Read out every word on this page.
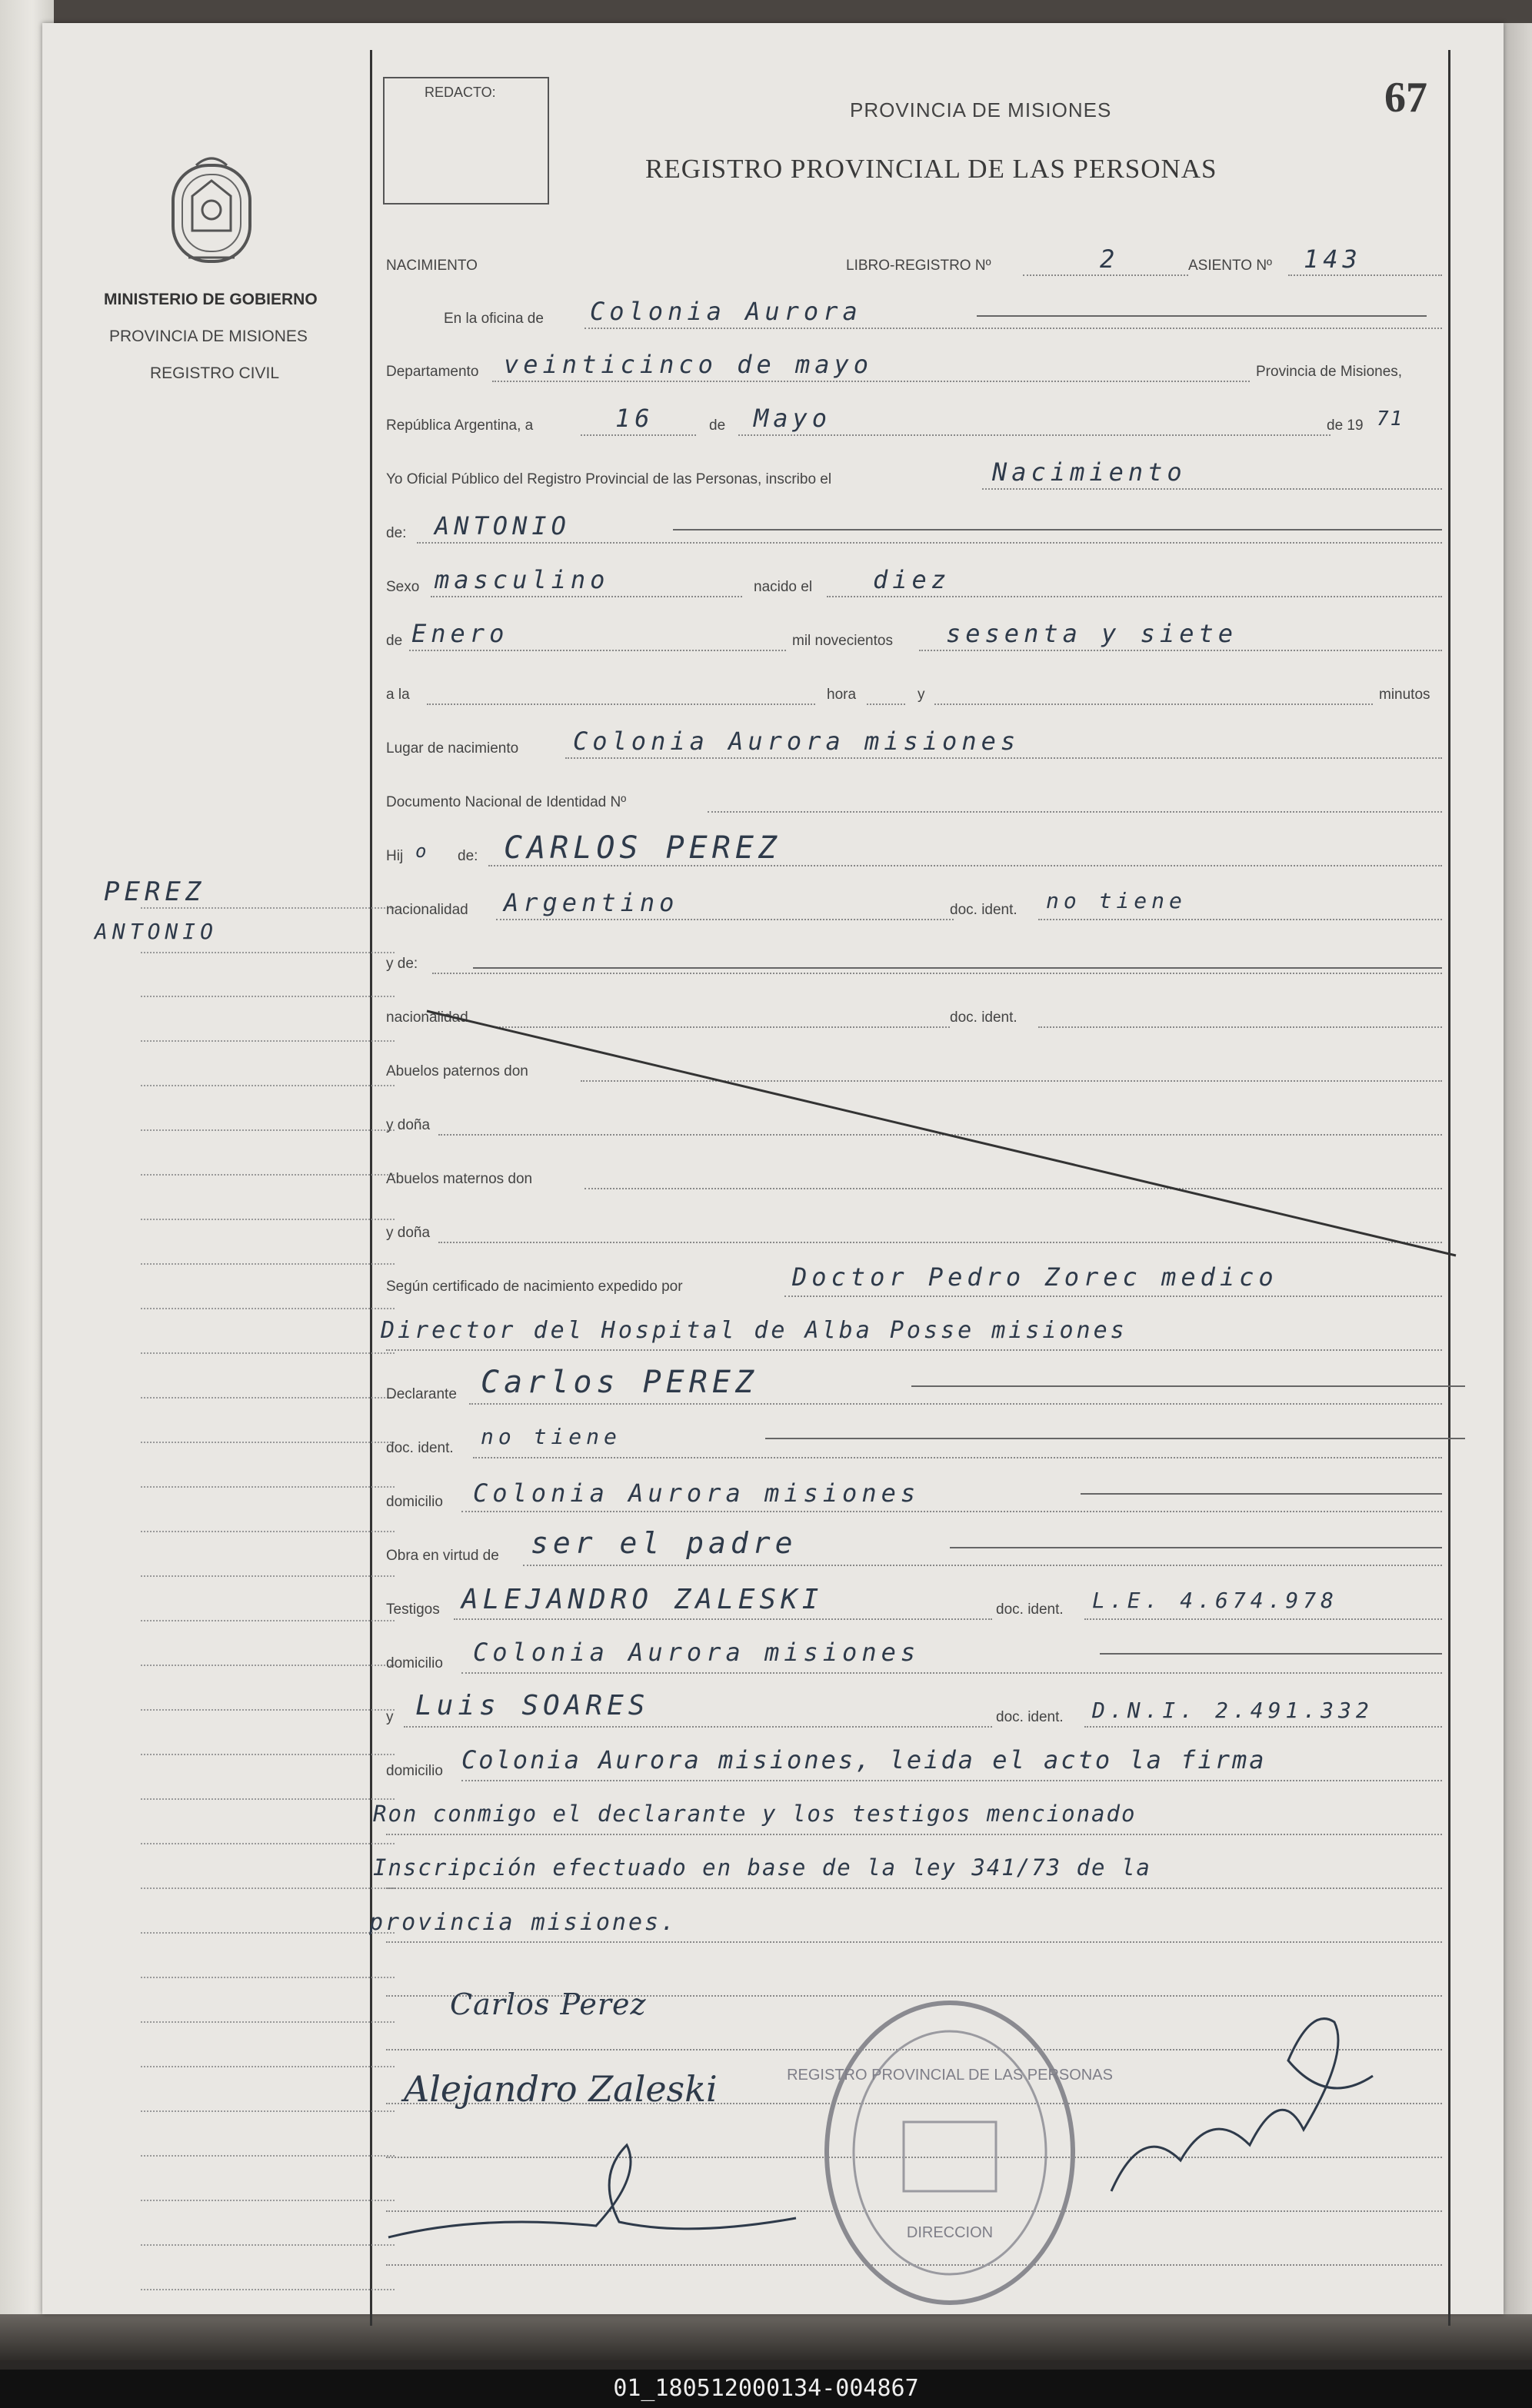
MINISTERIO DE GOBIERNO
PROVINCIA DE MISIONES
REGISTRO CIVIL
PEREZ
ANTONIO
REDACTO:
PROVINCIA DE MISIONES
REGISTRO PROVINCIAL DE LAS PERSONAS
67
NACIMIENTO	LIBRO-REGISTRO Nº	2	ASIENTO Nº 143
En la oficina de Colonia Aurora
Departamento veinticinco de mayo	Provincia de Misiones,
República Argentina, a	16	de Mayo	de 19 71
Yo Oficial Público del Registro Provincial de las Personas, inscribo el	Nacimiento
de: ANTONIO
Sexo masculino	nacido el diez
de Enero	mil novecientos sesenta y siete
a la	hora	y	minutos
Lugar de nacimiento Colonia Aurora misiones
Documento Nacional de Identidad Nº
Hij o de: CARLOS PEREZ
nacionalidad Argentino	doc. ident. no tiene
y de:
nacionalidad	doc. ident.
Abuelos paternos don
y doña
Abuelos maternos don
y doña
Según certificado de nacimiento expedido por	Doctor Pedro Zorec medico
Director del Hospital de Alba Posse misiones
Declarante Carlos PEREZ
doc. ident. no tiene
domicilio Colonia Aurora misiones
Obra en virtud de ser el padre
Testigos ALEJANDRO ZALESKI	doc. ident. L.E. 4.674.978
domicilio Colonia Aurora misiones
y Luis SOARES	doc. ident. D.N.I. 2.491.332
domicilio Colonia Aurora misiones, leida el acto la firma
Ron conmigo el declarante y los testigos mencionado
Inscripción efectuado en base de la ley 341/73 de la
provincia misiones.
Carlos Perez
Alejandro Zaleski	REGISTRO PROVINCIAL DE LAS PERSONAS
DIRECCION
01_180512000134-004867
